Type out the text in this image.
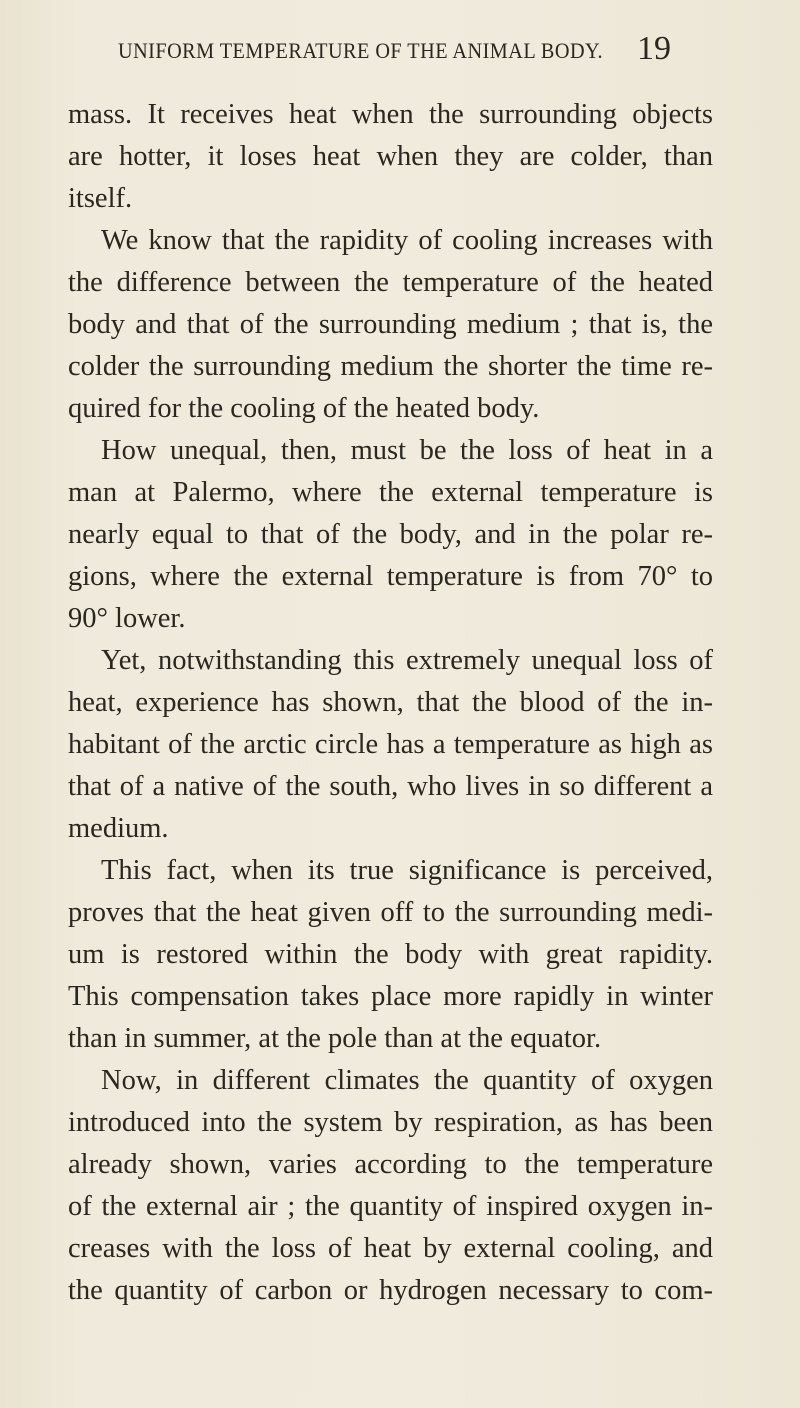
UNIFORM TEMPERATURE OF THE ANIMAL BODY. 19
mass. It receives heat when the surrounding objects
are hotter, it loses heat when they are colder, than
itself.
We know that the rapidity of cooling increases with
the difference between the temperature of the heated
body and that of the surrounding medium ; that is, the
colder the surrounding medium the shorter the time re-
quired for the cooling of the heated body.
How unequal, then, must be the loss of heat in a
man at Palermo, where the external temperature is
nearly equal to that of the body, and in the polar re-
gions, where the external temperature is from 70° to
90° lower.
Yet, notwithstanding this extremely unequal loss of
heat, experience has shown, that the blood of the in-
habitant of the arctic circle has a temperature as high as
that of a native of the south, who lives in so different a
medium.
This fact, when its true significance is perceived,
proves that the heat given off to the surrounding medi-
um is restored within the body with great rapidity.
This compensation takes place more rapidly in winter
than in summer, at the pole than at the equator.
Now, in different climates the quantity of oxygen
introduced into the system by respiration, as has been
already shown, varies according to the temperature
of the external air ; the quantity of inspired oxygen in-
creases with the loss of heat by external cooling, and
the quantity of carbon or hydrogen necessary to com-
